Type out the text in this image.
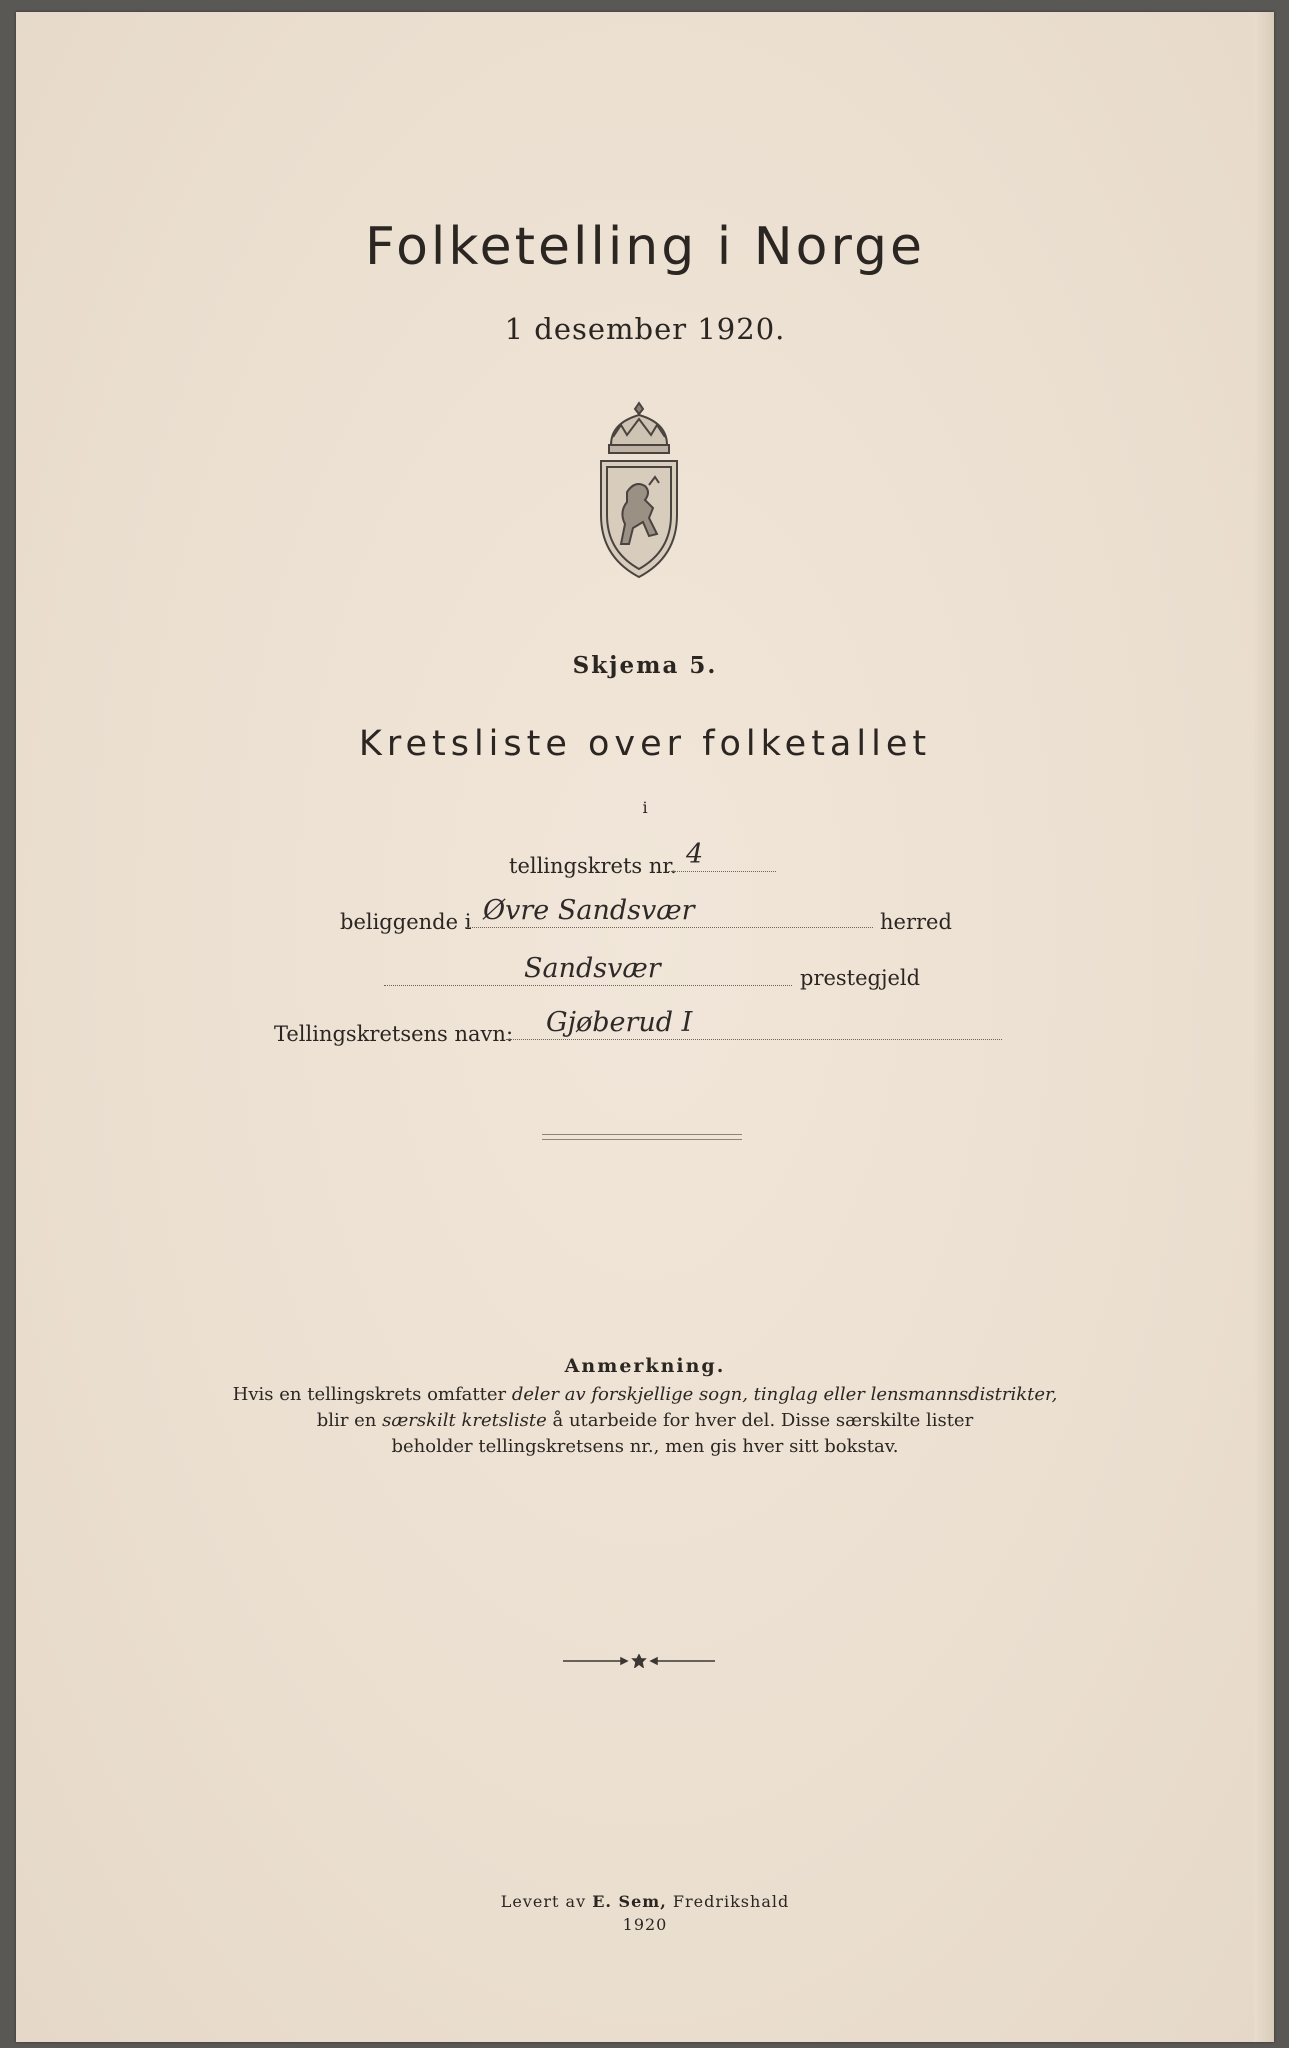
Folketelling i Norge
1 desember 1920.
Skjema 5.
Kretsliste over folketallet
i
tellingskrets nr. 4
beliggende i Øvre Sandsvær	herred
Sandsvær	prestegjeld
Tellingskretsens navn:	Gjøberud I
Anmerkning.
Hvis en tellingskrets omfatter deler av forskjellige sogn, tinglag eller lensmannsdistrikter,
blir en særskilt kretsliste å utarbeide for hver del. Disse særskilte lister
beholder tellingskretsens nr., men gis hver sitt bokstav.
Levert av E. Sem, Fredrikshald
1920
